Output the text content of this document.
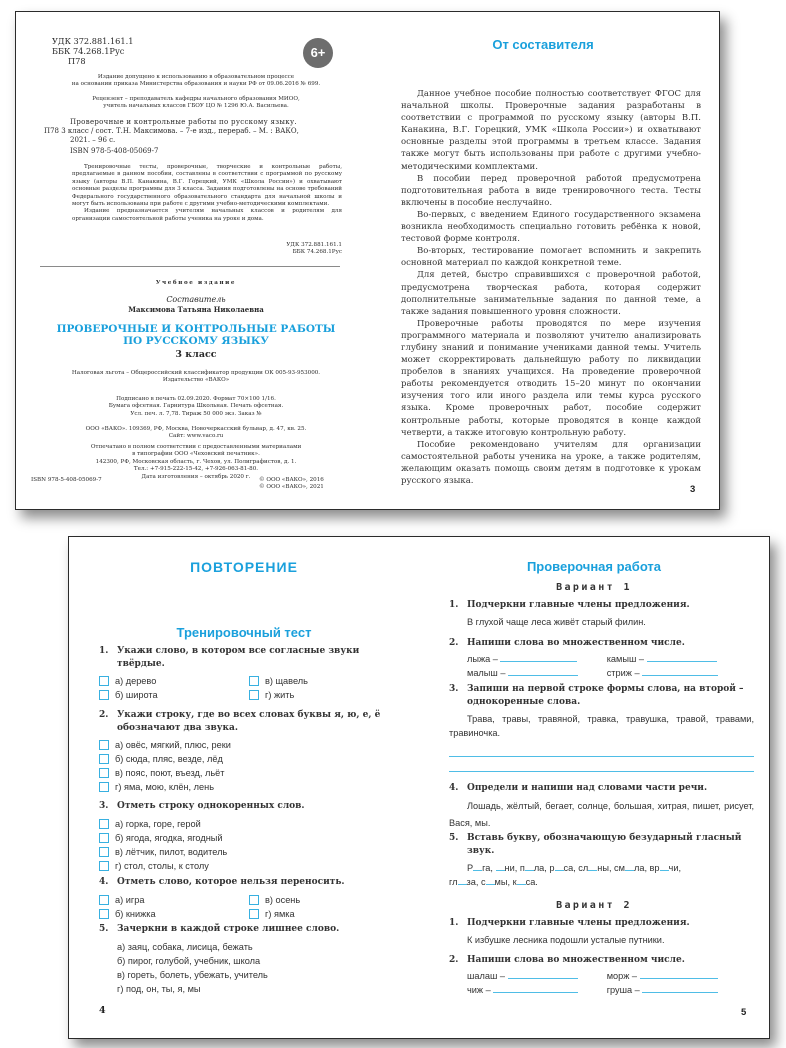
УДК 372.881.161.1
ББК 74.268.1Рус
П78
6+
Издание допущено к использованию в образовательном процессе
на основании приказа Министерства образования и науки РФ от 09.06.2016 № 699.
Рецензент – преподаватель кафедры начального образования МИОО,
учитель начальных классов ГБОУ ЦО № 1296 Ю.А. Васильева.
Проверочные и контрольные работы по русскому языку.
П78 3 класс / сост. Т.Н. Максимова. – 7-е изд., перераб. – М. : ВАКО,
2021. – 96 с.
ISBN 978-5-408-05069-7
Тренировочные тесты, проверочные, творческие и контрольные работы, предлагаемые в данном пособии, составлены в соответствии с программой по русскому языку (авторы В.П. Канакина, В.Г. Горецкий, УМК «Школа России») и охватывают основные разделы программы для 3 класса. Задания подготовлены на основе требований Федерального государственного образовательного стандарта для начальной школы и могут быть использованы при работе с другими учебно-методическими комплектами.
Издание предназначается учителям начальных классов и родителям для организации самостоятельной работы ученика на уроке и дома.
УДК 372.881.161.1
ББК 74.268.1Рус
Учебное издание
Составитель
Максимова Татьяна Николаевна
ПРОВЕРОЧНЫЕ И КОНТРОЛЬНЫЕ РАБОТЫ
ПО РУССКОМУ ЯЗЫКУ
3 класс
Налоговая льгота – Общероссийский классификатор продукции ОК 005-93-953000.
Издательство «ВАКО»
Подписано в печать 02.09.2020. Формат 70×100 1/16.
Бумага офсетная. Гарнитура Школьная. Печать офсетная.
Усл. печ. л. 7,78. Тираж 50 000 экз. Заказ №
ООО «ВАКО». 109369, РФ, Москва, Новочеркасский бульвар, д. 47, кв. 25.
Сайт: www.vaco.ru
Отпечатано в полном соответствии с предоставленными материалами
в типографии ООО «Чеховский печатник».
142300, РФ, Московская область, г. Чехов, ул. Полиграфистов, д. 1.
Тел.: +7-915-222-15-42, +7-926-063-81-80.
Дата изготовления – октябрь 2020 г.
ISBN 978-5-408-05069-7	© ООО «ВАКО», 2016
© ООО «ВАКО», 2021
От составителя

Данное учебное пособие полностью соответствует ФГОС для начальной школы. Проверочные задания разработаны в соответствии с программой по русскому языку (авторы В.П. Канакина, В.Г. Горецкий, УМК «Школа России») и охватывают основные разделы этой программы в третьем классе. Задания также могут быть использованы при работе с другими учебно-методическими комплектами.

В пособии перед проверочной работой предусмотрена подготовительная работа в виде тренировочного теста. Тесты включены в пособие неслучайно.

Во-первых, с введением Единого государственного экзамена возникла необходимость специально готовить ребёнка к новой, тестовой форме контроля.

Во-вторых, тестирование помогает вспомнить и закрепить основной материал по каждой конкретной теме.

Для детей, быстро справившихся с проверочной работой, предусмотрена творческая работа, которая содержит дополнительные занимательные задания по данной теме, а также задания повышенного уровня сложности.

Проверочные работы проводятся по мере изучения программного материала и позволяют учителю анализировать глубину знаний и понимание учениками данной темы. Учитель может скорректировать дальнейшую работу по ликвидации пробелов в знаниях учащихся. На проведение проверочной работы рекомендуется отводить 15–20 минут по окончании изучения того или иного раздела или темы курса русского языка. Кроме проверочных работ, пособие содержит контрольные работы, которые проводятся в конце каждой четверти, а также итоговую контрольную работу.

Пособие рекомендовано учителям для организации самостоятельной работы ученика на уроке, а также родителям, желающим оказать помощь своим детям в подготовке к урокам русского языка.

3
ПОВТОРЕНИЕ
Тренировочный тест
1. Укажи слово, в котором все согласные звуки твёрдые.
а) дерево
б) широта
в) щавель
г) жить
2. Укажи строку, где во всех словах буквы я, ю, е, ё обозначают два звука.
а) овёс, мягкий, плюс, реки
б) сюда, пляс, везде, лёд
в) пояс, поют, въезд, льёт
г) яма, мою, клён, лень
3. Отметь строку однокоренных слов.
а) горка, горе, герой
б) ягода, ягодка, ягодный
в) лётчик, пилот, водитель
г) стол, столы, к столу
4. Отметь слово, которое нельзя переносить.
а) игра
б) книжка
в) осень
г) ямка
5. Зачеркни в каждой строке лишнее слово.
а) заяц, собака, лисица, бежать
б) пирог, голубой, учебник, школа
в) гореть, болеть, убежать, учитель
г) под, он, ты, я, мы
4
Проверочная работа
Вариант 1
1. Подчеркни главные члены предложения.
В глухой чаще леса живёт старый филин.
2. Напиши слова во множественном числе.
лыжа –	камыш –
малыш –	стриж –
3. Запиши на первой строке формы слова, на второй – однокоренные слова.
Трава, травы, травяной, травка, травушка, травой, травами, травиночка.
4. Определи и напиши над словами части речи.
Лошадь, жёлтый, бегает, солнце, большая, хитрая, пишет, рисует, Вася, мы.
5. Вставь букву, обозначающую безударный гласный звук.
Р га, ни, п ла, р са, сл ны, см ла, вр чи,
гл за, с мы, к са.
Вариант 2
1. Подчеркни главные члены предложения.
К избушке лесника подошли усталые путники.
2. Напиши слова во множественном числе.
шалаш –	морж –
чиж –	груша –
5
